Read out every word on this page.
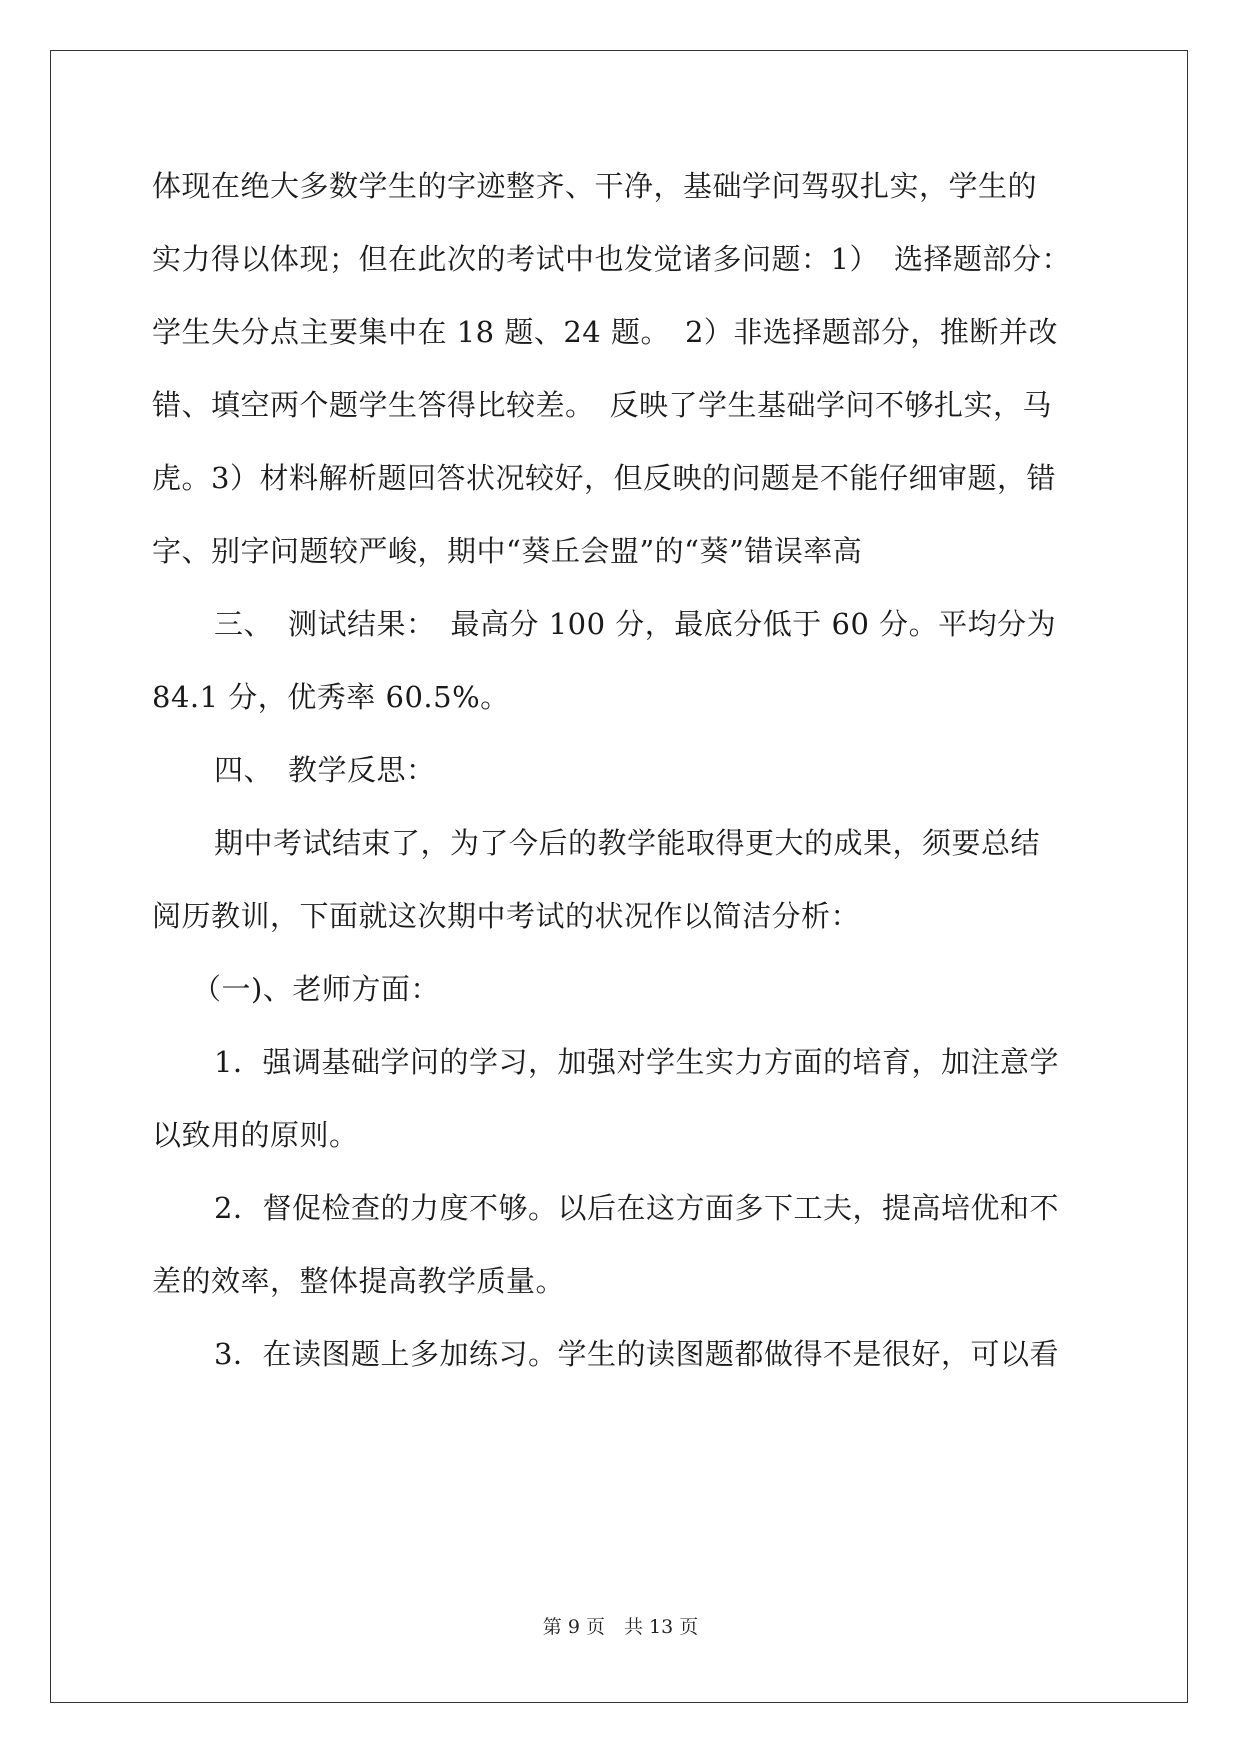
体现在绝大多数学生的字迹整齐、干净，基础学问驾驭扎实，学生的
实力得以体现；但在此次的考试中也发觉诸多问题：1）　选择题部分：
学生失分点主要集中在 18 题、24 题。　2）非选择题部分，推断并改
错、填空两个题学生答得比较差。　反映了学生基础学问不够扎实，马
虎。3）材料解析题回答状况较好，但反映的问题是不能仔细审题，错
字、别字问题较严峻，期中“葵丘会盟”的“葵”错误率高
三、　测试结果：　最高分 100 分，最底分低于 60 分。平均分为
84.1 分，优秀率 60.5%。
四、　教学反思：
期中考试结束了，为了今后的教学能取得更大的成果，须要总结
阅历教训，下面就这次期中考试的状况作以简洁分析：
（一)、老师方面：
1．强调基础学问的学习，加强对学生实力方面的培育，加注意学
以致用的原则。
2．督促检查的力度不够。以后在这方面多下工夫，提高培优和不
差的效率，整体提高教学质量。
3．在读图题上多加练习。学生的读图题都做得不是很好，可以看
第 9 页　共 13 页
